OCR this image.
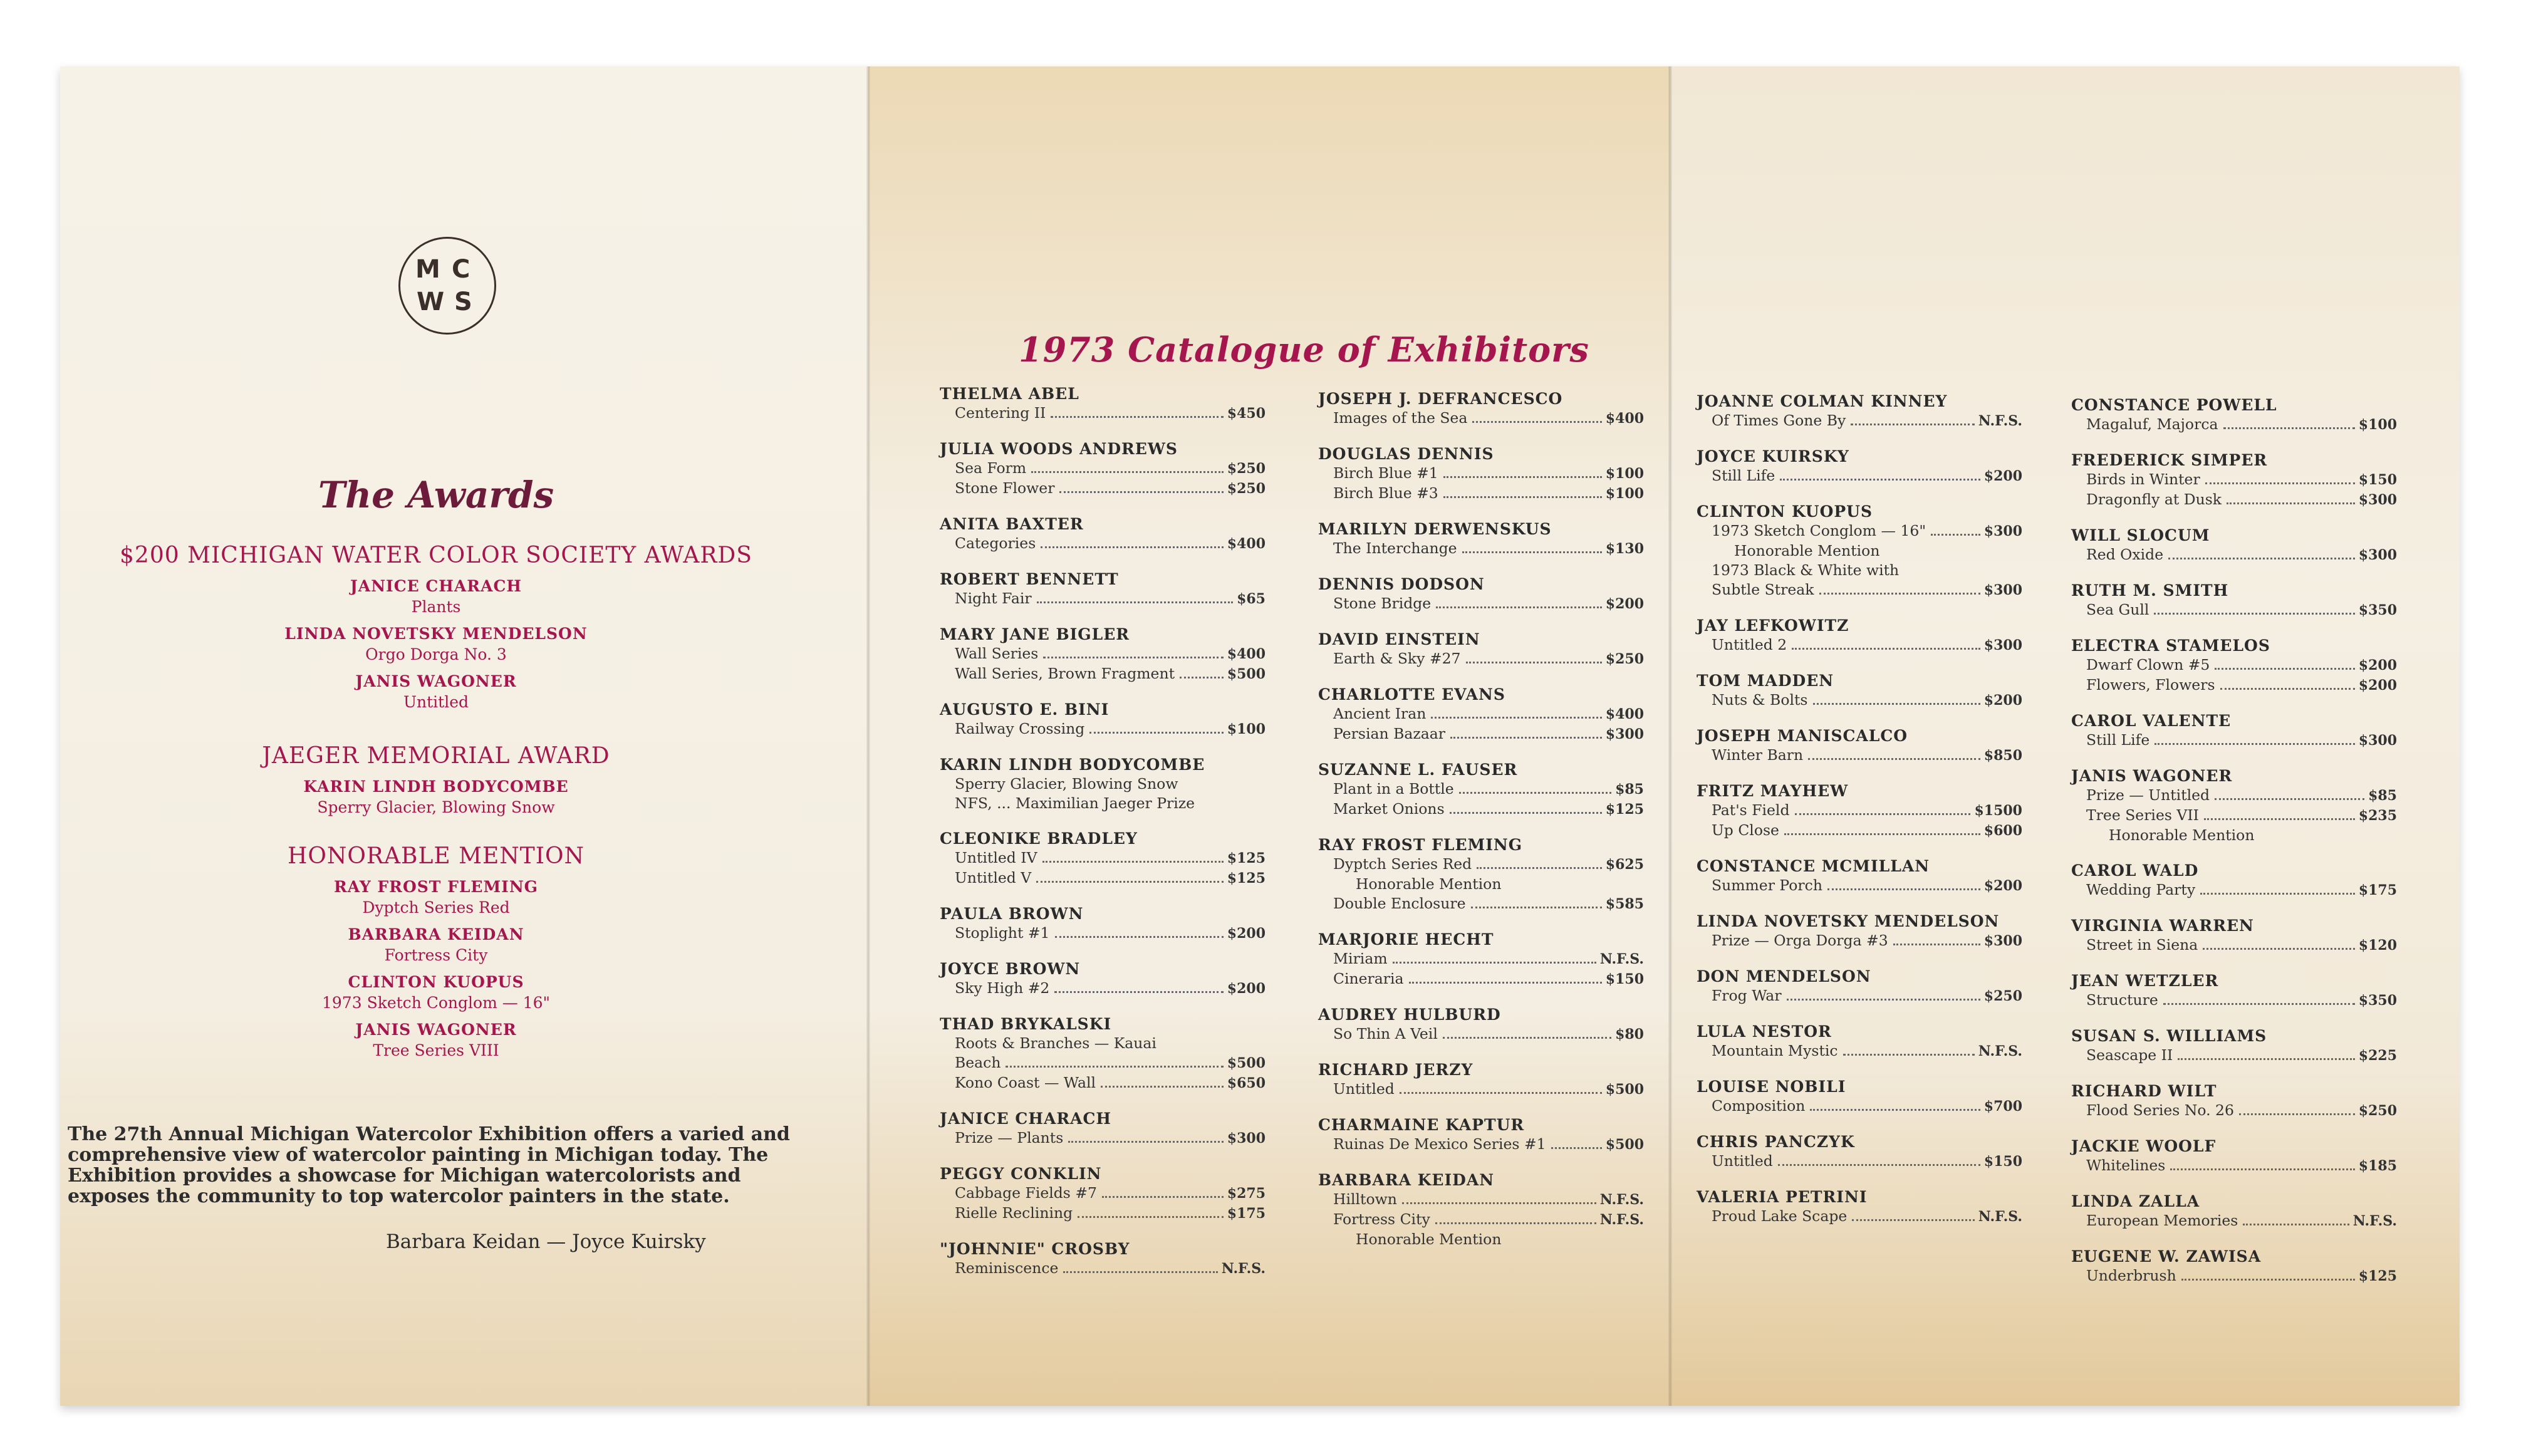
M C
W S
The Awards
$200 MICHIGAN WATER COLOR SOCIETY AWARDS
JANICE CHARACH
Plants
LINDA NOVETSKY MENDELSON
Orgo Dorga No. 3
JANIS WAGONER
Untitled
JAEGER MEMORIAL AWARD
KARIN LINDH BODYCOMBE
Sperry Glacier, Blowing Snow
HONORABLE MENTION
RAY FROST FLEMING
Dyptch Series Red
BARBARA KEIDAN
Fortress City
CLINTON KUOPUS
1973 Sketch Conglom — 16"
JANIS WAGONER
Tree Series VIII
The 27th Annual Michigan Watercolor Exhibition offers a varied and comprehensive view of watercolor painting in Michigan today. The Exhibition provides a showcase for Michigan watercolorists and exposes the community to top watercolor painters in the state.
Barbara Keidan — Joyce Kuirsky
1973 Catalogue of Exhibitors
THELMA ABEL
Centering II	$450
JULIA WOODS ANDREWS
Sea Form	$250
Stone Flower	$250
ANITA BAXTER
Categories	$400
ROBERT BENNETT
Night Fair	$65
MARY JANE BIGLER
Wall Series	$400
Wall Series, Brown Fragment	$500
AUGUSTO E. BINI
Railway Crossing	$100
KARIN LINDH BODYCOMBE
Sperry Glacier, Blowing Snow
NFS, ... Maximilian Jaeger Prize
CLEONIKE BRADLEY
Untitled IV	$125
Untitled V	$125
PAULA BROWN
Stoplight #1	$200
JOYCE BROWN
Sky High #2	$200
THAD BRYKALSKI
Roots & Branches — Kauai
Beach	$500
Kono Coast — Wall	$650
JANICE CHARACH
Prize — Plants	$300
PEGGY CONKLIN
Cabbage Fields #7	$275
Rielle Reclining	$175
"JOHNNIE" CROSBY
Reminiscence	N.F.S.
JOSEPH J. DEFRANCESCO
Images of the Sea	$400
DOUGLAS DENNIS
Birch Blue #1	$100
Birch Blue #3	$100
MARILYN DERWENSKUS
The Interchange	$130
DENNIS DODSON
Stone Bridge	$200
DAVID EINSTEIN
Earth & Sky #27	$250
CHARLOTTE EVANS
Ancient Iran	$400
Persian Bazaar	$300
SUZANNE L. FAUSER
Plant in a Bottle	$85
Market Onions	$125
RAY FROST FLEMING
Dyptch Series Red	$625
Honorable Mention
Double Enclosure	$585
MARJORIE HECHT
Miriam	N.F.S.
Cineraria	$150
AUDREY HULBURD
So Thin A Veil	$80
RICHARD JERZY
Untitled	$500
CHARMAINE KAPTUR
Ruinas De Mexico Series #1	$500
BARBARA KEIDAN
Hilltown	N.F.S.
Fortress City	N.F.S.
Honorable Mention
JOANNE COLMAN KINNEY
Of Times Gone By	N.F.S.
JOYCE KUIRSKY
Still Life	$200
CLINTON KUOPUS
1973 Sketch Conglom — 16"	$300
Honorable Mention
1973 Black & White with
Subtle Streak	$300
JAY LEFKOWITZ
Untitled 2	$300
TOM MADDEN
Nuts & Bolts	$200
JOSEPH MANISCALCO
Winter Barn	$850
FRITZ MAYHEW
Pat's Field	$1500
Up Close	$600
CONSTANCE MCMILLAN
Summer Porch	$200
LINDA NOVETSKY MENDELSON
Prize — Orga Dorga #3	$300
DON MENDELSON
Frog War	$250
LULA NESTOR
Mountain Mystic	N.F.S.
LOUISE NOBILI
Composition	$700
CHRIS PANCZYK
Untitled	$150
VALERIA PETRINI
Proud Lake Scape	N.F.S.
CONSTANCE POWELL
Magaluf, Majorca	$100
FREDERICK SIMPER
Birds in Winter	$150
Dragonfly at Dusk	$300
WILL SLOCUM
Red Oxide	$300
RUTH M. SMITH
Sea Gull	$350
ELECTRA STAMELOS
Dwarf Clown #5	$200
Flowers, Flowers	$200
CAROL VALENTE
Still Life	$300
JANIS WAGONER
Prize — Untitled	$85
Tree Series VII	$235
Honorable Mention
CAROL WALD
Wedding Party	$175
VIRGINIA WARREN
Street in Siena	$120
JEAN WETZLER
Structure	$350
SUSAN S. WILLIAMS
Seascape II	$225
RICHARD WILT
Flood Series No. 26	$250
JACKIE WOOLF
Whitelines	$185
LINDA ZALLA
European Memories	N.F.S.
EUGENE W. ZAWISA
Underbrush	$125
